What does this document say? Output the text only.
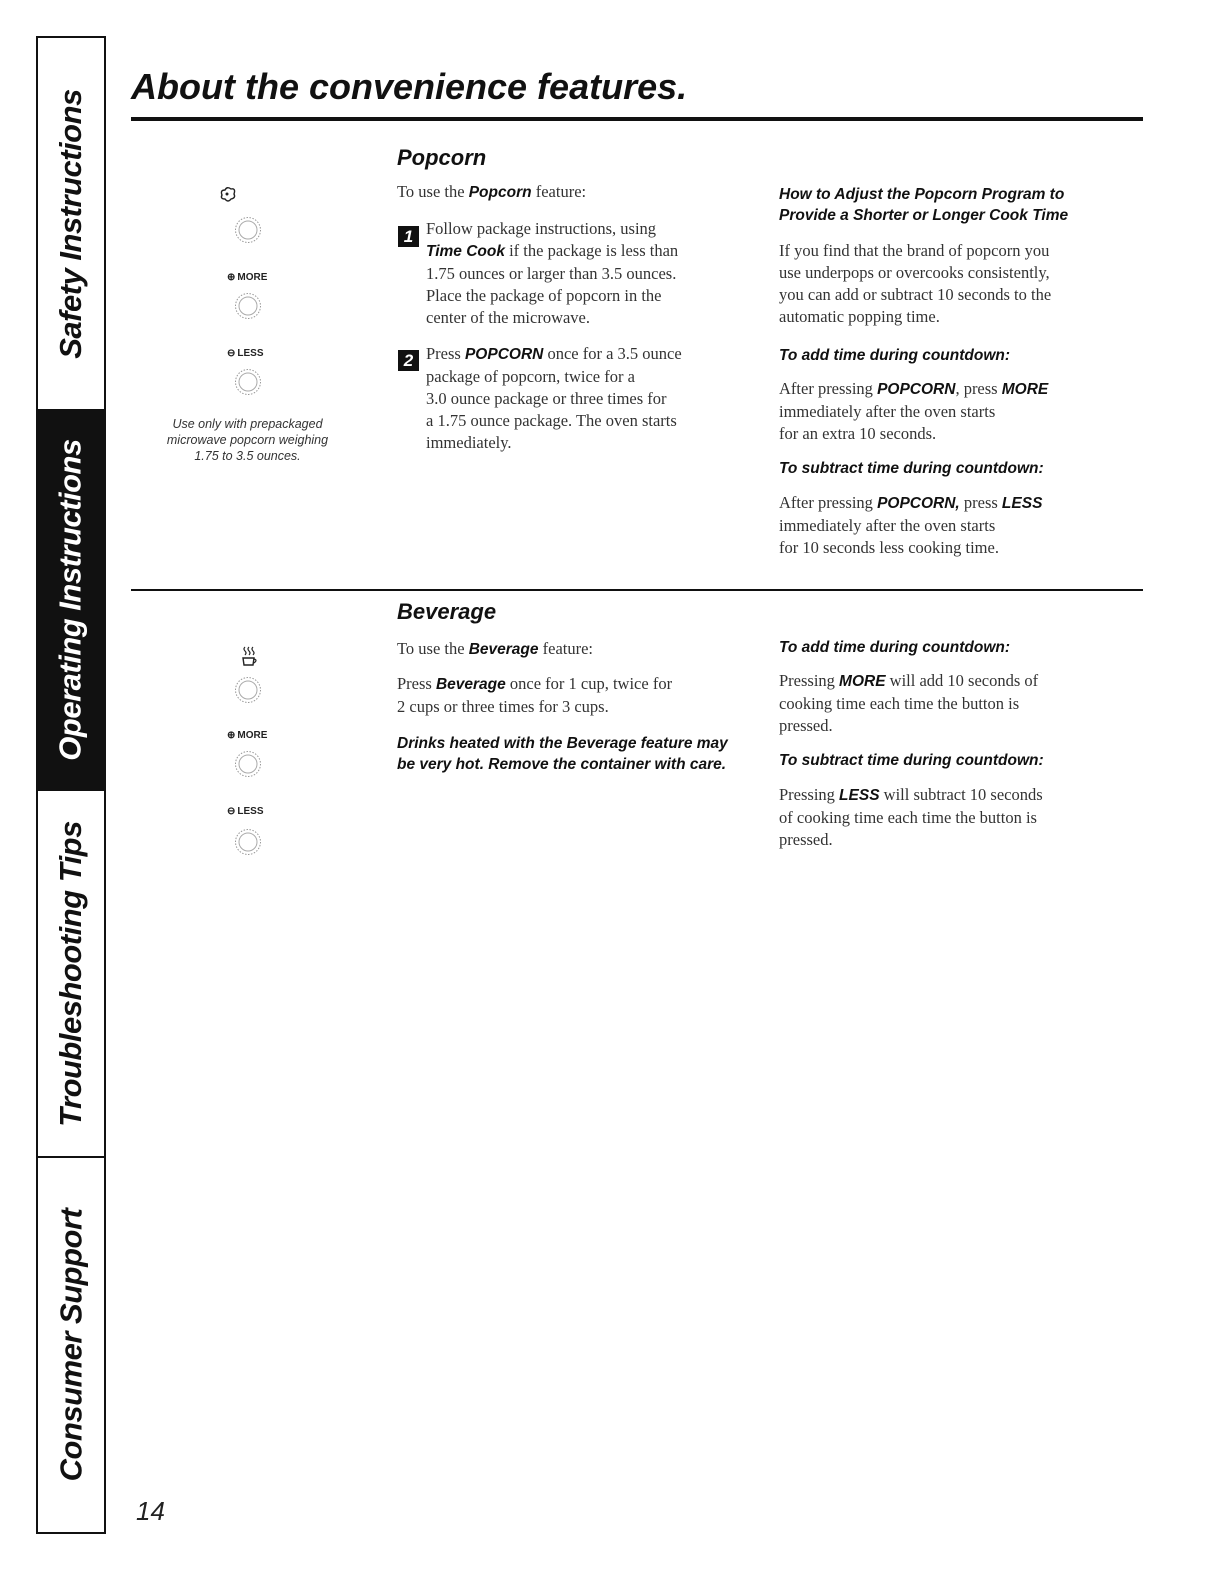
Safety Instructions
Operating Instructions
Troubleshooting Tips
Consumer Support
About the convenience features.
⊕ MORE
⊖ LESS

Use only with prepackaged
microwave popcorn weighing
1.75 to 3.5 ounces.

Popcorn

To use the Popcorn feature:

1 Follow package instructions, using
Time Cook if the package is less than
1.75 ounces or larger than 3.5 ounces.
Place the package of popcorn in the
center of the microwave.

2 Press POPCORN once for a 3.5 ounce
package of popcorn, twice for a
3.0 ounce package or three times for
a 1.75 ounce package. The oven starts
immediately.

How to Adjust the Popcorn Program to
Provide a Shorter or Longer Cook Time

If you find that the brand of popcorn you
use underpops or overcooks consistently,
you can add or subtract 10 seconds to the
automatic popping time.

To add time during countdown:

After pressing POPCORN, press MORE
immediately after the oven starts
for an extra 10 seconds.

To subtract time during countdown:

After pressing POPCORN, press LESS
immediately after the oven starts
for 10 seconds less cooking time.

⊕ MORE
⊖ LESS
Beverage

To use the Beverage feature:

Press Beverage once for 1 cup, twice for
2 cups or three times for 3 cups.

Drinks heated with the Beverage feature may
be very hot. Remove the container with care.

To add time during countdown:

Pressing MORE will add 10 seconds of
cooking time each time the button is
pressed.

To subtract time during countdown:

Pressing LESS will subtract 10 seconds
of cooking time each time the button is
pressed.

14
